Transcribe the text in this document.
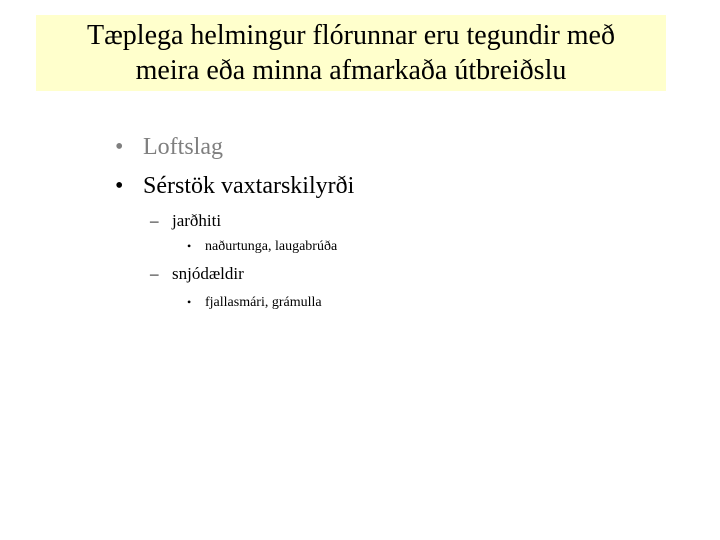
Tæplega helmingur flórunnar eru tegundir með
meira eða minna afmarkaða útbreiðslu
• Loftslag
• Sérstök vaxtarskilyrði
– jarðhiti
• naðurtunga, laugabrúða
– snjódældir
• fjallasmári, grámulla
